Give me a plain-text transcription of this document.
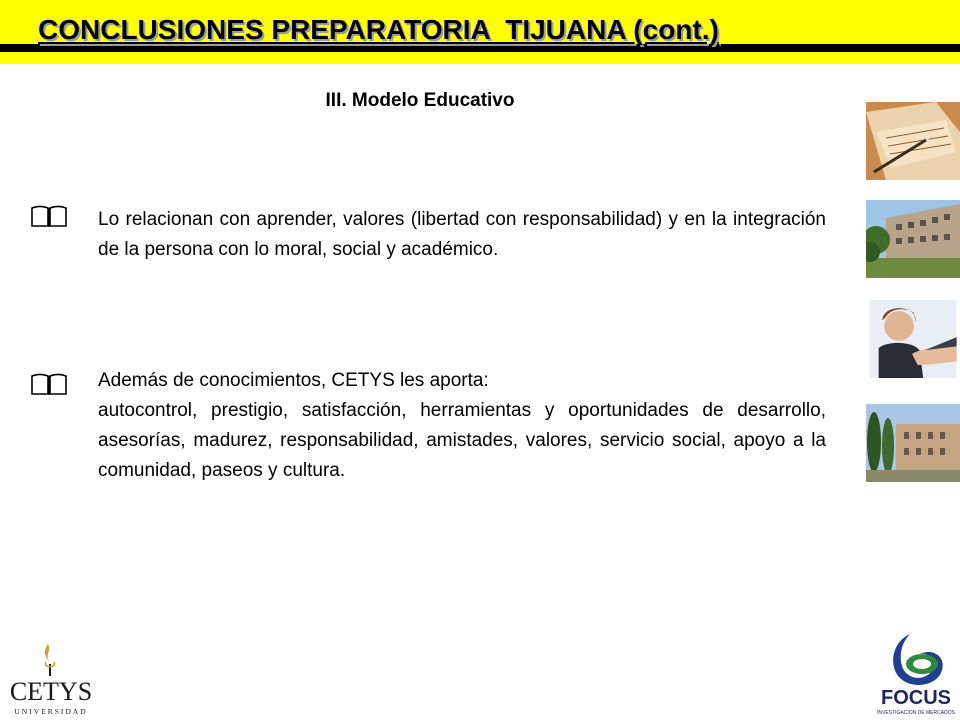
CONCLUSIONES PREPARATORIA  TIJUANA (cont.)
III. Modelo Educativo
Lo relacionan con aprender, valores (libertad con responsabilidad) y en la integración de la persona con lo moral, social y académico.
Además de conocimientos, CETYS les aporta:
autocontrol, prestigio, satisfacción, herramientas y oportunidades de desarrollo, asesorías, madurez, responsabilidad, amistades, valores, servicio social, apoyo a la comunidad, paseos y cultura.
CETYS
UNIVERSIDAD
FOCUS
INVESTIGACION DE MERCADOS
